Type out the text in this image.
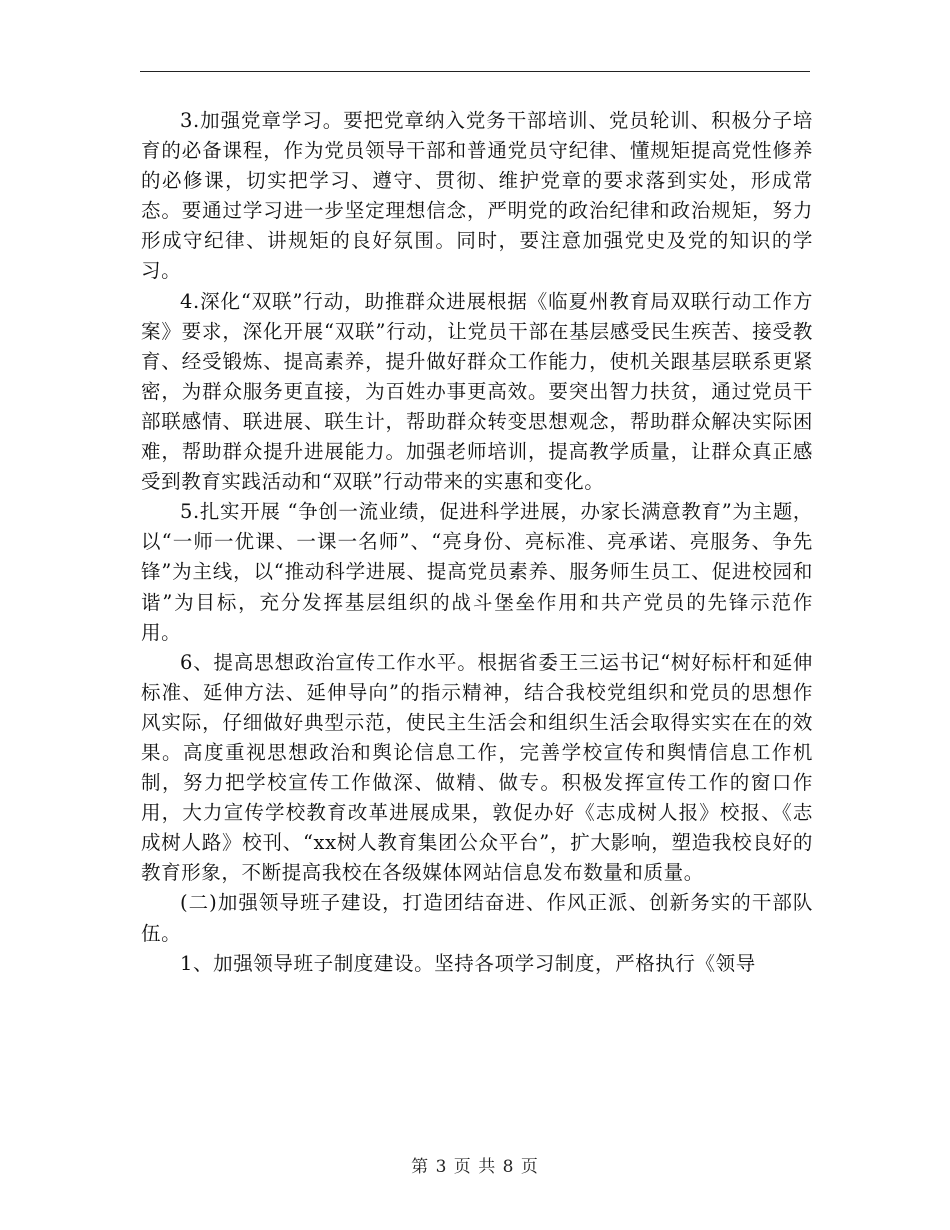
3.加强党章学习。要把党章纳入党务干部培训、党员轮训、积极分子培育的必备课程，作为党员领导干部和普通党员守纪律、懂规矩提高党性修养的必修课，切实把学习、遵守、贯彻、维护党章的要求落到实处，形成常态。要通过学习进一步坚定理想信念，严明党的政治纪律和政治规矩，努力形成守纪律、讲规矩的良好氛围。同时，要注意加强党史及党的知识的学习。

4.深化“双联”行动，助推群众进展根据《临夏州教育局双联行动工作方案》要求，深化开展“双联”行动，让党员干部在基层感受民生疾苦、接受教育、经受锻炼、提高素养，提升做好群众工作能力，使机关跟基层联系更紧密，为群众服务更直接，为百姓办事更高效。要突出智力扶贫，通过党员干部联感情、联进展、联生计，帮助群众转变思想观念，帮助群众解决实际困难，帮助群众提升进展能力。加强老师培训，提高教学质量，让群众真正感受到教育实践活动和“双联”行动带来的实惠和变化。

5.扎实开展 “争创一流业绩，促进科学进展，办家长满意教育”为主题，以“一师一优课、一课一名师”、“亮身份、亮标准、亮承诺、亮服务、争先锋”为主线，以“推动科学进展、提高党员素养、服务师生员工、促进校园和谐”为目标，充分发挥基层组织的战斗堡垒作用和共产党员的先锋示范作用。

6、提高思想政治宣传工作水平。根据省委王三运书记“树好标杆和延伸标准、延伸方法、延伸导向”的指示精神，结合我校党组织和党员的思想作风实际，仔细做好典型示范，使民主生活会和组织生活会取得实实在在的效果。高度重视思想政治和舆论信息工作，完善学校宣传和舆情信息工作机制，努力把学校宣传工作做深、做精、做专。积极发挥宣传工作的窗口作用，大力宣传学校教育改革进展成果，敦促办好《志成树人报》校报、《志成树人路》校刊、“xx树人教育集团公众平台”，扩大影响，塑造我校良好的教育形象，不断提高我校在各级媒体网站信息发布数量和质量。

(二)加强领导班子建设，打造团结奋进、作风正派、创新务实的干部队伍。

1、加强领导班子制度建设。坚持各项学习制度，严格执行《领导

第 3 页 共 8 页
